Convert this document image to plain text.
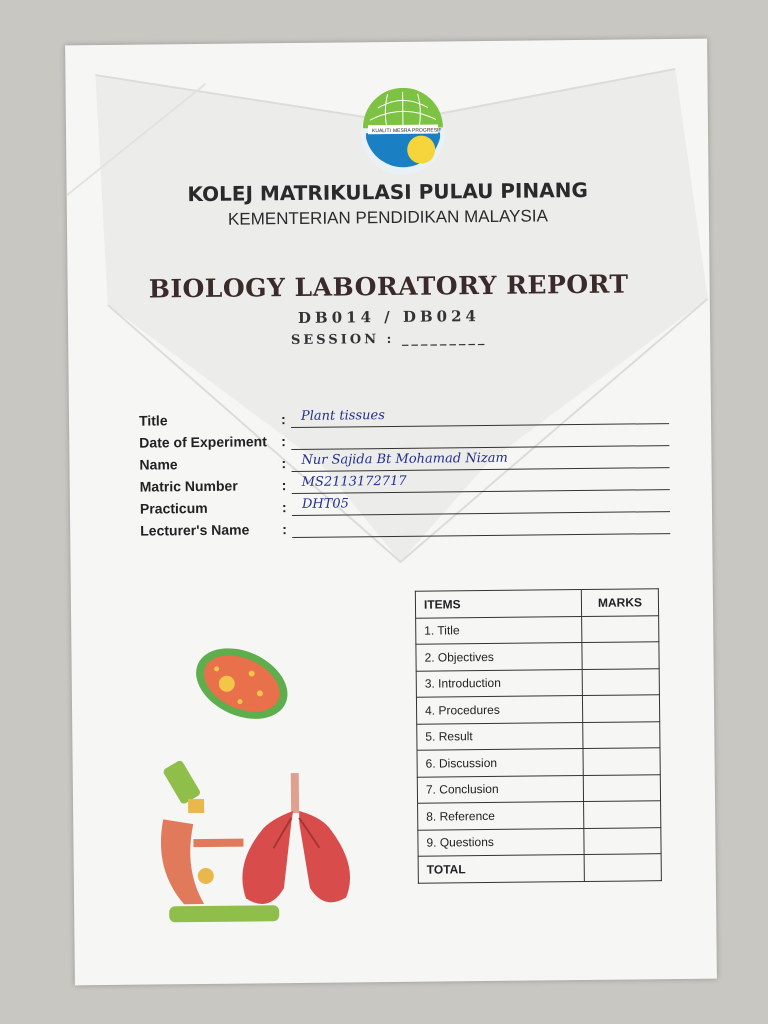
KUALITI MESRA PROGRESIF
KOLEJ MATRIKULASI PULAU PINANG
KEMENTERIAN PENDIDIKAN MALAYSIA
BIOLOGY LABORATORY REPORT
DB014 / DB024
SESSION : _________
Title	: Plant tissues
Date of Experiment :
Name	: Nur Sajida Bt Mohamad Nizam
Matric Number	: MS2113172717
Practicum	: DHT05
Lecturer's Name :
ITEMS	MARKS
1. Title	
2. Objectives	
3. Introduction	
4. Procedures	
5. Result	
6. Discussion	
7. Conclusion	
8. Reference	
9. Questions	
TOTAL	
